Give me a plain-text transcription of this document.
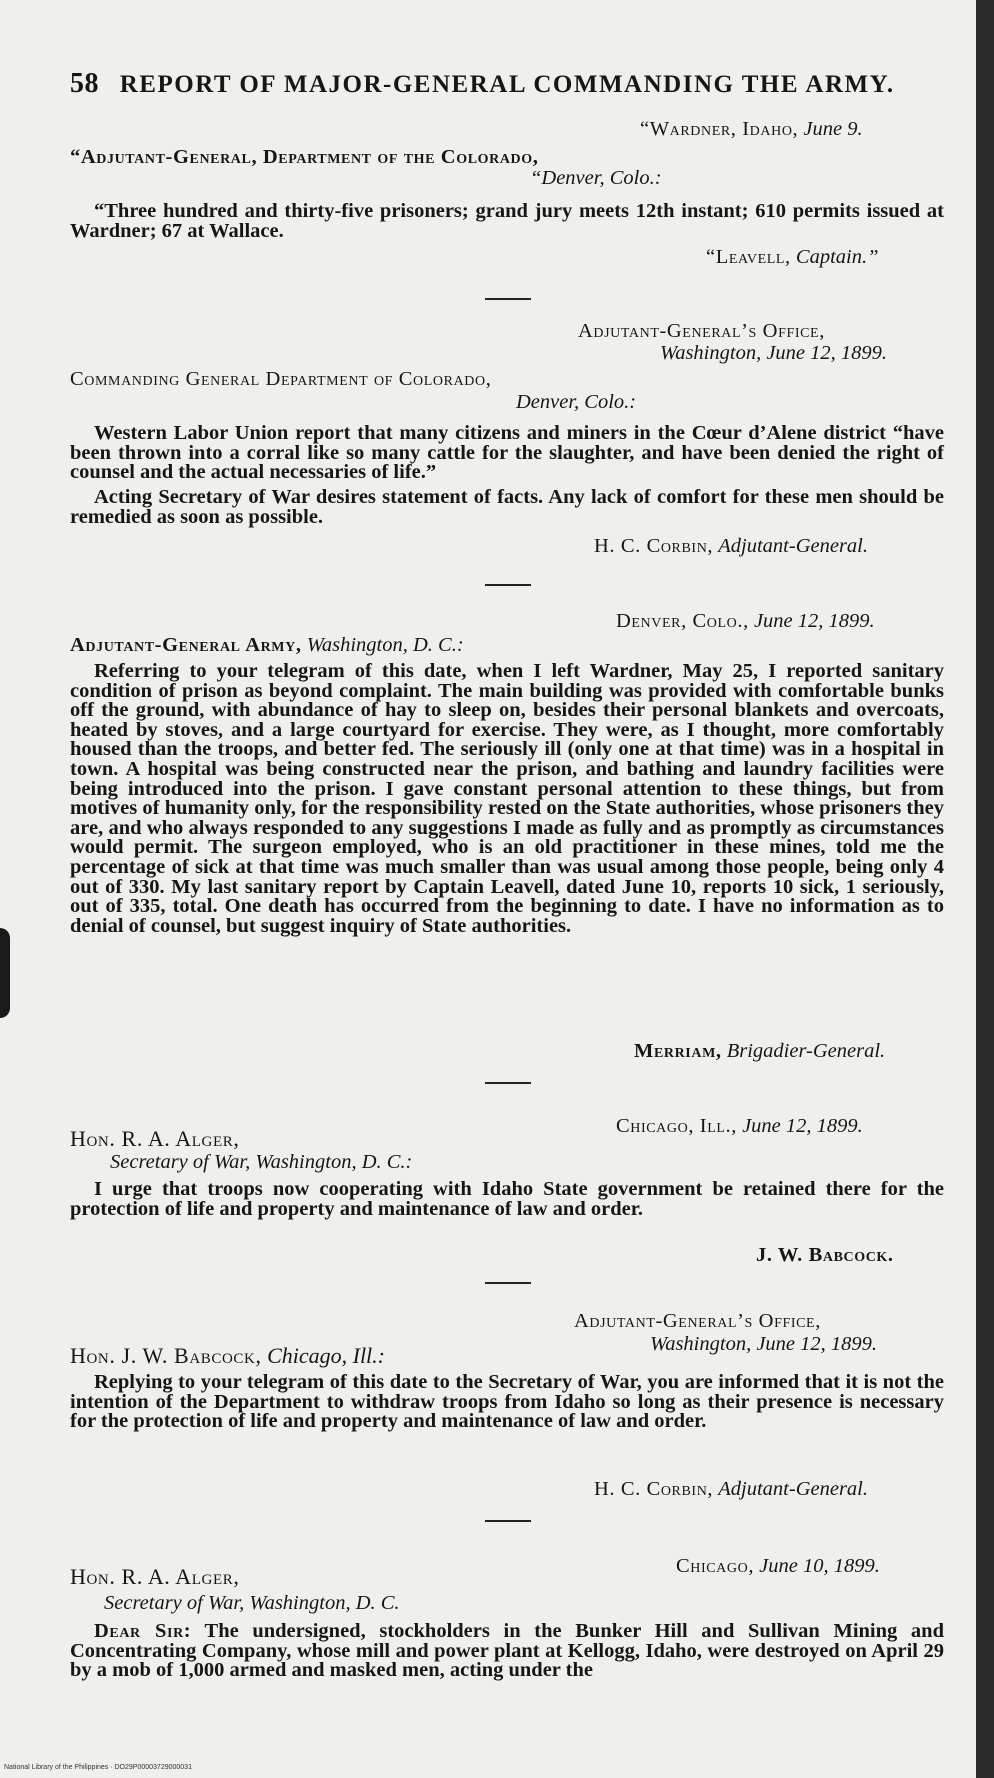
58 REPORT OF MAJOR-GENERAL COMMANDING THE ARMY.
“Wardner, Idaho, June 9.
“Adjutant-General, Department of the Colorado,
“Denver, Colo.:

“Three hundred and thirty-five prisoners; grand jury meets 12th instant; 610 permits issued at Wardner; 67 at Wallace.

“Leavell, Captain.”
Adjutant-General’s Office,
Washington, June 12, 1899.
Commanding General Department of Colorado,
Denver, Colo.:

Western Labor Union report that many citizens and miners in the Cœur d’Alene district “have been thrown into a corral like so many cattle for the slaughter, and have been denied the right of counsel and the actual necessaries of life.”

Acting Secretary of War desires statement of facts. Any lack of comfort for these men should be remedied as soon as possible.

H. C. Corbin, Adjutant-General.
Denver, Colo., June 12, 1899.
Adjutant-General Army, Washington, D. C.:

Referring to your telegram of this date, when I left Wardner, May 25, I reported sanitary condition of prison as beyond complaint. The main building was provided with comfortable bunks off the ground, with abundance of hay to sleep on, besides their personal blankets and overcoats, heated by stoves, and a large courtyard for exercise. They were, as I thought, more comfortably housed than the troops, and better fed. The seriously ill (only one at that time) was in a hospital in town. A hospital was being constructed near the prison, and bathing and laundry facilities were being introduced into the prison. I gave constant personal attention to these things, but from motives of humanity only, for the responsibility rested on the State authorities, whose prisoners they are, and who always responded to any suggestions I made as fully and as promptly as circumstances would permit. The surgeon employed, who is an old practitioner in these mines, told me the percentage of sick at that time was much smaller than was usual among those people, being only 4 out of 330. My last sanitary report by Captain Leavell, dated June 10, reports 10 sick, 1 seriously, out of 335, total. One death has occurred from the beginning to date. I have no information as to denial of counsel, but suggest inquiry of State authorities.

Merriam, Brigadier-General.
Chicago, Ill., June 12, 1899.
Hon. R. A. Alger,
Secretary of War, Washington, D. C.:

I urge that troops now cooperating with Idaho State government be retained there for the protection of life and property and maintenance of law and order.

J. W. Babcock.
Adjutant-General’s Office,
Washington, June 12, 1899.
Hon. J. W. Babcock, Chicago, Ill.:

Replying to your telegram of this date to the Secretary of War, you are informed that it is not the intention of the Department to withdraw troops from Idaho so long as their presence is necessary for the protection of life and property and maintenance of law and order.

H. C. Corbin, Adjutant-General.
Chicago, June 10, 1899.
Hon. R. A. Alger,
Secretary of War, Washington, D. C.

Dear Sir: The undersigned, stockholders in the Bunker Hill and Sullivan Mining and Concentrating Company, whose mill and power plant at Kellogg, Idaho, were destroyed on April 29 by a mob of 1,000 armed and masked men, acting under the

National Library of the Philippines · DO29P00003729000031
